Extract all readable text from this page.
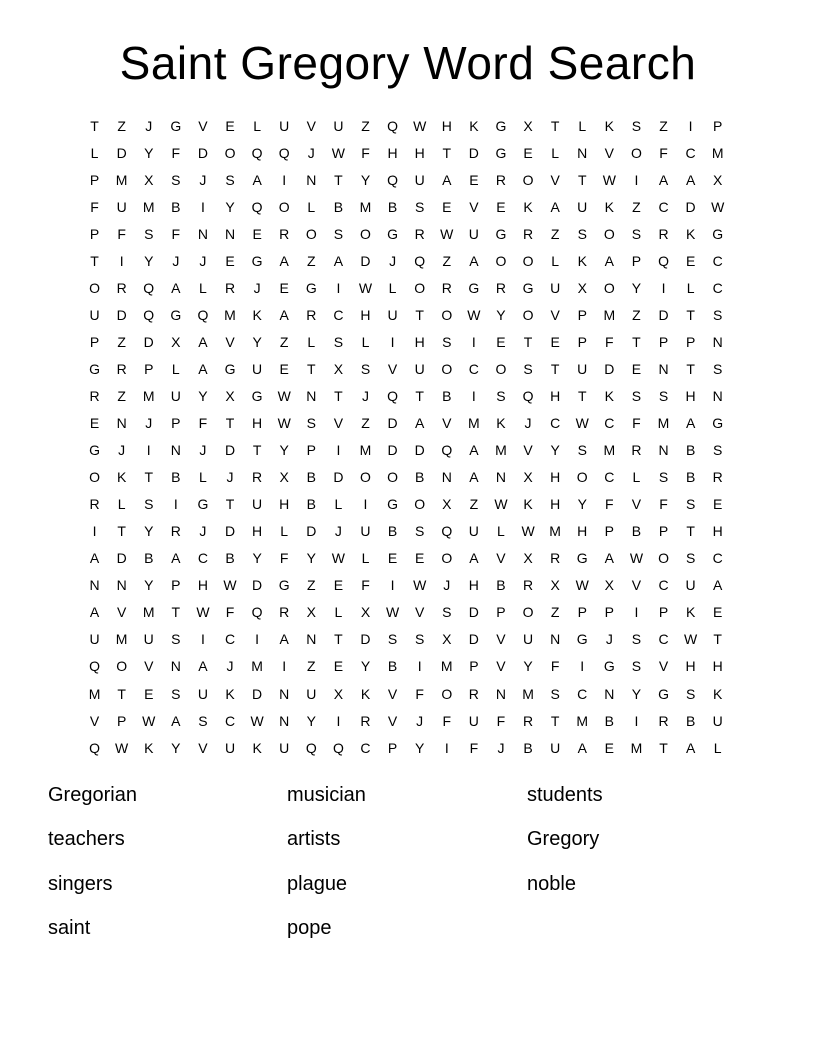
Saint Gregory Word Search
T	Z	J	G	V	E	L	U	V	U	Z	Q	W	H	K	G	X	T	L	K	S	Z	I	P
L	D	Y	F	D	O	Q	Q	J	W	F	H	H	T	D	G	E	L	N	V	O	F	C	M
P	M	X	S	J	S	A	I	N	T	Y	Q	U	A	E	R	O	V	T	W	I	A	A	X
F	U	M	B	I	Y	Q	O	L	B	M	B	S	E	V	E	K	A	U	K	Z	C	D	W
P	F	S	F	N	N	E	R	O	S	O	G	R	W	U	G	R	Z	S	O	S	R	K	G
T	I	Y	J	J	E	G	A	Z	A	D	J	Q	Z	A	O	O	L	K	A	P	Q	E	C
O	R	Q	A	L	R	J	E	G	I	W	L	O	R	G	R	G	U	X	O	Y	I	L	C
U	D	Q	G	Q	M	K	A	R	C	H	U	T	O	W	Y	O	V	P	M	Z	D	T	S
P	Z	D	X	A	V	Y	Z	L	S	L	I	H	S	I	E	T	E	P	F	T	P	P	N
G	R	P	L	A	G	U	E	T	X	S	V	U	O	C	O	S	T	U	D	E	N	T	S
R	Z	M	U	Y	X	G	W	N	T	J	Q	T	B	I	S	Q	H	T	K	S	S	H	N
E	N	J	P	F	T	H	W	S	V	Z	D	A	V	M	K	J	C	W	C	F	M	A	G
G	J	I	N	J	D	T	Y	P	I	M	D	D	Q	A	M	V	Y	S	M	R	N	B	S
O	K	T	B	L	J	R	X	B	D	O	O	B	N	A	N	X	H	O	C	L	S	B	R
R	L	S	I	G	T	U	H	B	L	I	G	O	X	Z	W	K	H	Y	F	V	F	S	E
I	T	Y	R	J	D	H	L	D	J	U	B	S	Q	U	L	W	M	H	P	B	P	T	H
A	D	B	A	C	B	Y	F	Y	W	L	E	E	O	A	V	X	R	G	A	W	O	S	C
N	N	Y	P	H	W	D	G	Z	E	F	I	W	J	H	B	R	X	W	X	V	C	U	A
A	V	M	T	W	F	Q	R	X	L	X	W	V	S	D	P	O	Z	P	P	I	P	K	E
U	M	U	S	I	C	I	A	N	T	D	S	S	X	D	V	U	N	G	J	S	C	W	T
Q	O	V	N	A	J	M	I	Z	E	Y	B	I	M	P	V	Y	F	I	G	S	V	H	H
M	T	E	S	U	K	D	N	U	X	K	V	F	O	R	N	M	S	C	N	Y	G	S	K
V	P	W	A	S	C	W	N	Y	I	R	V	J	F	U	F	R	T	M	B	I	R	B	U
Q	W	K	Y	V	U	K	U	Q	Q	C	P	Y	I	F	J	B	U	A	E	M	T	A	L
Gregorian
teachers
singers
saint
musician
artists
plague
pope
students
Gregory
noble
